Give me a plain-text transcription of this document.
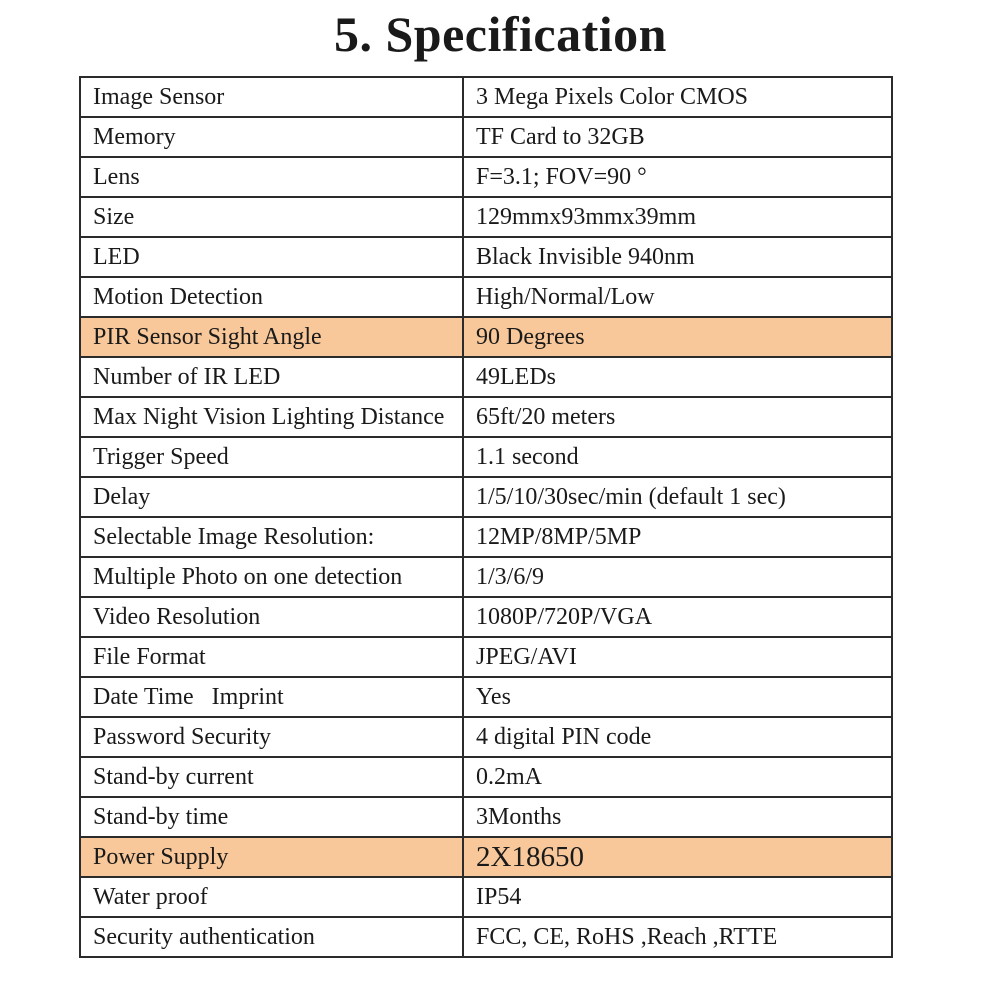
5. Specification
Image Sensor	3 Mega Pixels Color CMOS
Memory	TF Card to 32GB
Lens	F=3.1; FOV=90 °
Size	129mmx93mmx39mm
LED	Black Invisible 940nm
Motion Detection	High/Normal/Low
PIR Sensor Sight Angle	90 Degrees
Number of IR LED	49LEDs
Max Night Vision Lighting Distance	65ft/20 meters
Trigger Speed	1.1 second
Delay	1/5/10/30sec/min (default 1 sec)
Selectable Image Resolution:	12MP/8MP/5MP
Multiple Photo on one detection	1/3/6/9
Video Resolution	1080P/720P/VGA
File Format	JPEG/AVI
Date Time   Imprint	Yes
Password Security	4 digital PIN code
Stand-by current	0.2mA
Stand-by time	3Months
Power Supply	2X18650
Water proof	IP54
Security authentication	FCC, CE, RoHS ,Reach ,RTTE
